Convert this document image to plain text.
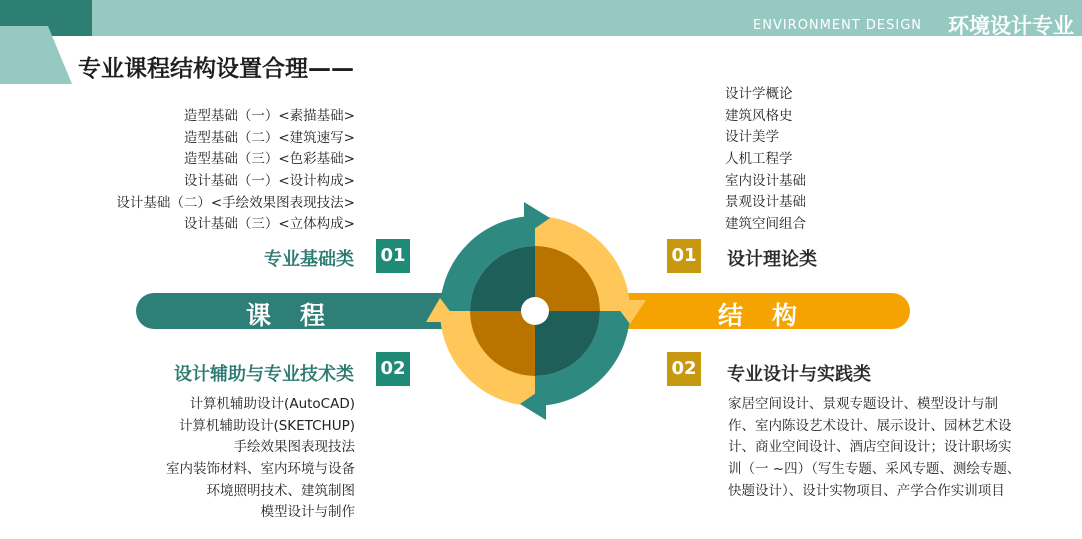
ENVIRONMENT DESIGN 环境设计专业
专业课程结构设置合理——
造型基础（一）<素描基础>
造型基础（二）<建筑速写>
造型基础（三）<色彩基础>
设计基础（一）<设计构成>
设计基础（二）<手绘效果图表现技法>
设计基础（三）<立体构成>
专业基础类 01
设计学概论
建筑风格史
设计美学
人机工程学
室内设计基础
景观设计基础
建筑空间组合
01 设计理论类
课　程	结　构
设计辅助与专业技术类 02
计算机辅助设计(AutoCAD)
计算机辅助设计(SKETCHUP)
手绘效果图表现技法
室内装饰材料、室内环境与设备
环境照明技术、建筑制图
模型设计与制作
02 专业设计与实践类
家居空间设计、景观专题设计、模型设计与制作、室内陈设艺术设计、展示设计、园林艺术设计、商业空间设计、酒店空间设计；设计职场实训（一 ~四）（写生专题、采风专题、测绘专题、快题设计）、设计实物项目、产学合作实训项目
